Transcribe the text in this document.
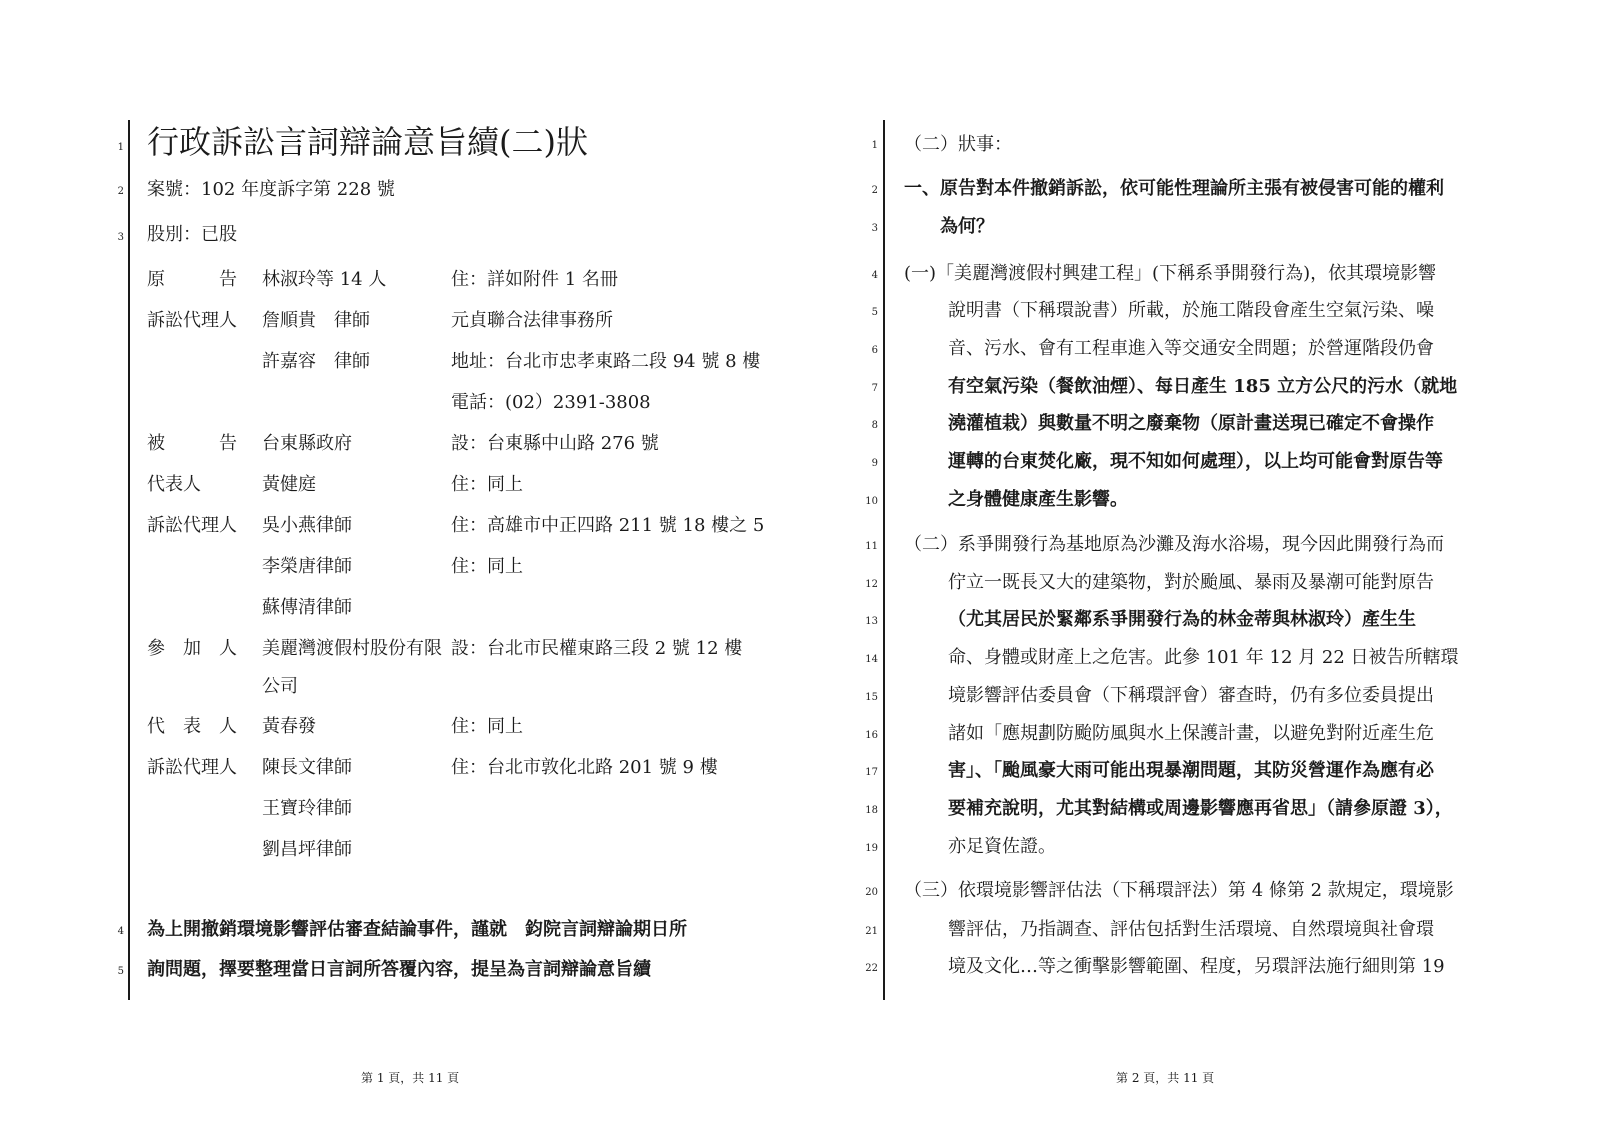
1
2
3
4
5
行政訴訟言詞辯論意旨續(二)狀
案號：102 年度訴字第 228 號
股別：已股
原　　　告 林淑玲等 14 人	住：詳如附件 1 名冊
訴訟代理人 詹順貴　律師	元貞聯合法律事務所
許嘉容　律師	地址：台北市忠孝東路二段 94 號 8 樓
電話：(02）2391-3808
被　　　告 台東縣政府	設：台東縣中山路 276 號
代表人	黃健庭	住：同上
訴訟代理人 吳小燕律師	住：高雄市中正四路 211 號 18 樓之 5
李榮唐律師	住：同上
蘇傳清律師
參　加　人 美麗灣渡假村股份有限 設：台北市民權東路三段 2 號 12 樓
公司
代　表　人 黃春發	住：同上
訴訟代理人 陳長文律師	住：台北市敦化北路 201 號 9 樓
王寶玲律師
劉昌坪律師
為上開撤銷環境影響評估審查結論事件，謹就　鈞院言詞辯論期日所
詢問題，擇要整理當日言詞所答覆內容，提呈為言詞辯論意旨續
第 1 頁，共 11 頁
1
2
3
4
5
6
7
8
9
10
11
12
13
14
15
16
17
18
19
20
21
22
（二）狀事：
一、原告對本件撤銷訴訟，依可能性理論所主張有被侵害可能的權利
為何？
(一)「美麗灣渡假村興建工程」(下稱系爭開發行為)，依其環境影響
說明書（下稱環說書）所載，於施工階段會產生空氣污染、噪
音、污水、會有工程車進入等交通安全問題；於營運階段仍會
有空氣污染（餐飲油煙）、每日產生 185 立方公尺的污水（就地
澆灌植栽）與數量不明之廢棄物（原計畫送現已確定不會操作
運轉的台東焚化廠，現不知如何處理），以上均可能會對原告等
之身體健康產生影響。
（二）系爭開發行為基地原為沙灘及海水浴場，現今因此開發行為而
佇立一既長又大的建築物，對於颱風、暴雨及暴潮可能對原告
（尤其居民於緊鄰系爭開發行為的林金蒂與林淑玲）產生生
命、身體或財產上之危害。此參 101 年 12 月 22 日被告所轄環
境影響評估委員會（下稱環評會）審查時，仍有多位委員提出
諸如「應規劃防颱防風與水上保護計畫，以避免對附近產生危
害」、「颱風豪大雨可能出現暴潮問題，其防災營運作為應有必
要補充說明，尤其對結構或周邊影響應再省思」（請參原證 3），
亦足資佐證。
（三）依環境影響評估法（下稱環評法）第 4 條第 2 款規定，環境影
響評估，乃指調查、評估包括對生活環境、自然環境與社會環
境及文化…等之衝擊影響範圍、程度，另環評法施行細則第 19
第 2 頁，共 11 頁
